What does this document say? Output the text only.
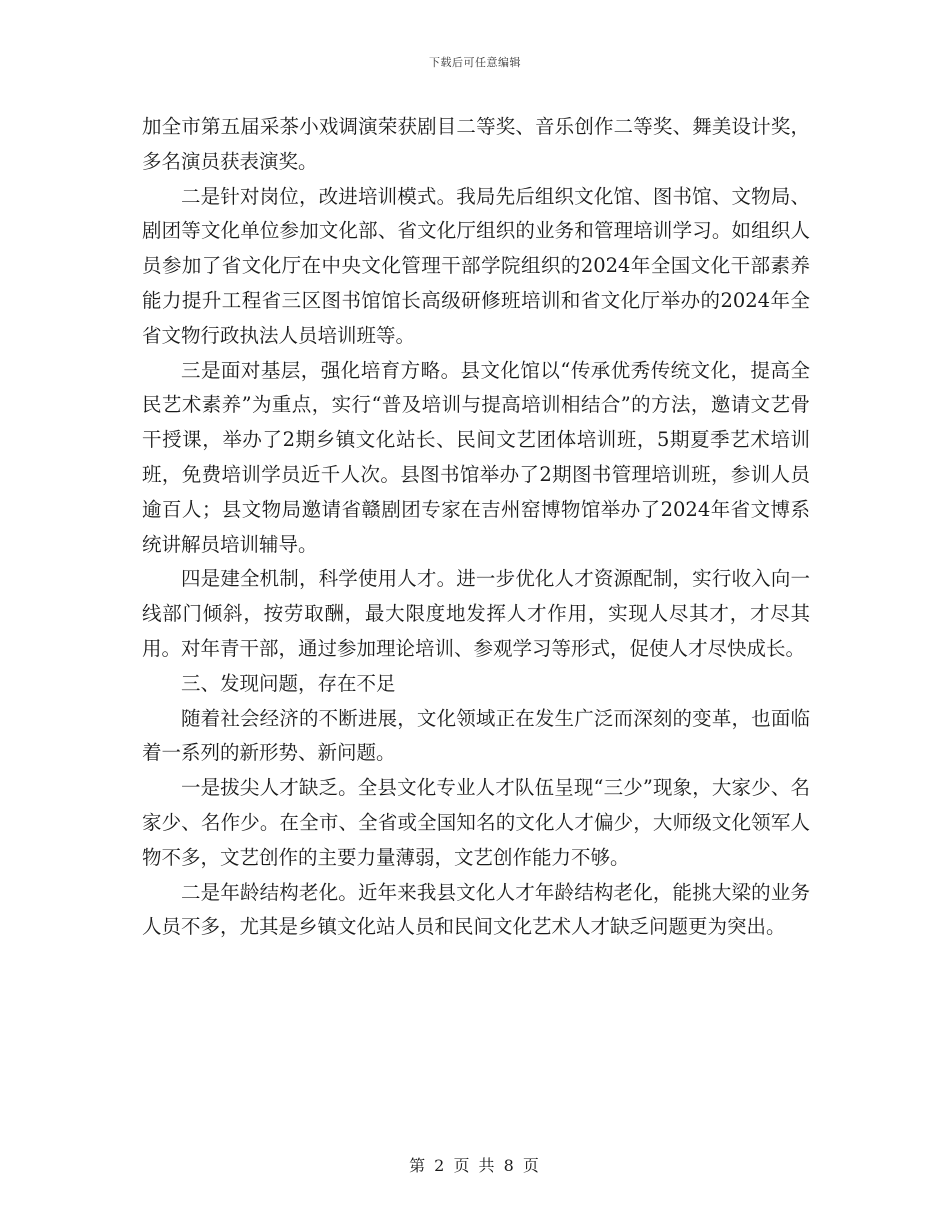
下载后可任意编辑

加全市第五届采茶小戏调演荣获剧目二等奖、音乐创作二等奖、舞美设计奖，多名演员获表演奖。

二是针对岗位，改进培训模式。我局先后组织文化馆、图书馆、文物局、剧团等文化单位参加文化部、省文化厅组织的业务和管理培训学习。如组织人员参加了省文化厅在中央文化管理干部学院组织的2024年全国文化干部素养能力提升工程省三区图书馆馆长高级研修班培训和省文化厅举办的2024年全省文物行政执法人员培训班等。

三是面对基层，强化培育方略。县文化馆以“传承优秀传统文化，提高全民艺术素养”为重点，实行“普及培训与提高培训相结合”的方法，邀请文艺骨干授课，举办了2期乡镇文化站长、民间文艺团体培训班，5期夏季艺术培训班，免费培训学员近千人次。县图书馆举办了2期图书管理培训班，参训人员逾百人；县文物局邀请省赣剧团专家在吉州窑博物馆举办了2024年省文博系统讲解员培训辅导。

四是建全机制，科学使用人才。进一步优化人才资源配制，实行收入向一线部门倾斜，按劳取酬，最大限度地发挥人才作用，实现人尽其才，才尽其用。对年青干部，通过参加理论培训、参观学习等形式，促使人才尽快成长。

三、发现问题，存在不足

随着社会经济的不断进展，文化领域正在发生广泛而深刻的变革，也面临着一系列的新形势、新问题。

一是拔尖人才缺乏。全县文化专业人才队伍呈现“三少”现象，大家少、名家少、名作少。在全市、全省或全国知名的文化人才偏少，大师级文化领军人物不多，文艺创作的主要力量薄弱，文艺创作能力不够。

二是年龄结构老化。近年来我县文化人才年龄结构老化，能挑大梁的业务人员不多，尤其是乡镇文化站人员和民间文化艺术人才缺乏问题更为突出。

第 2 页 共 8 页
